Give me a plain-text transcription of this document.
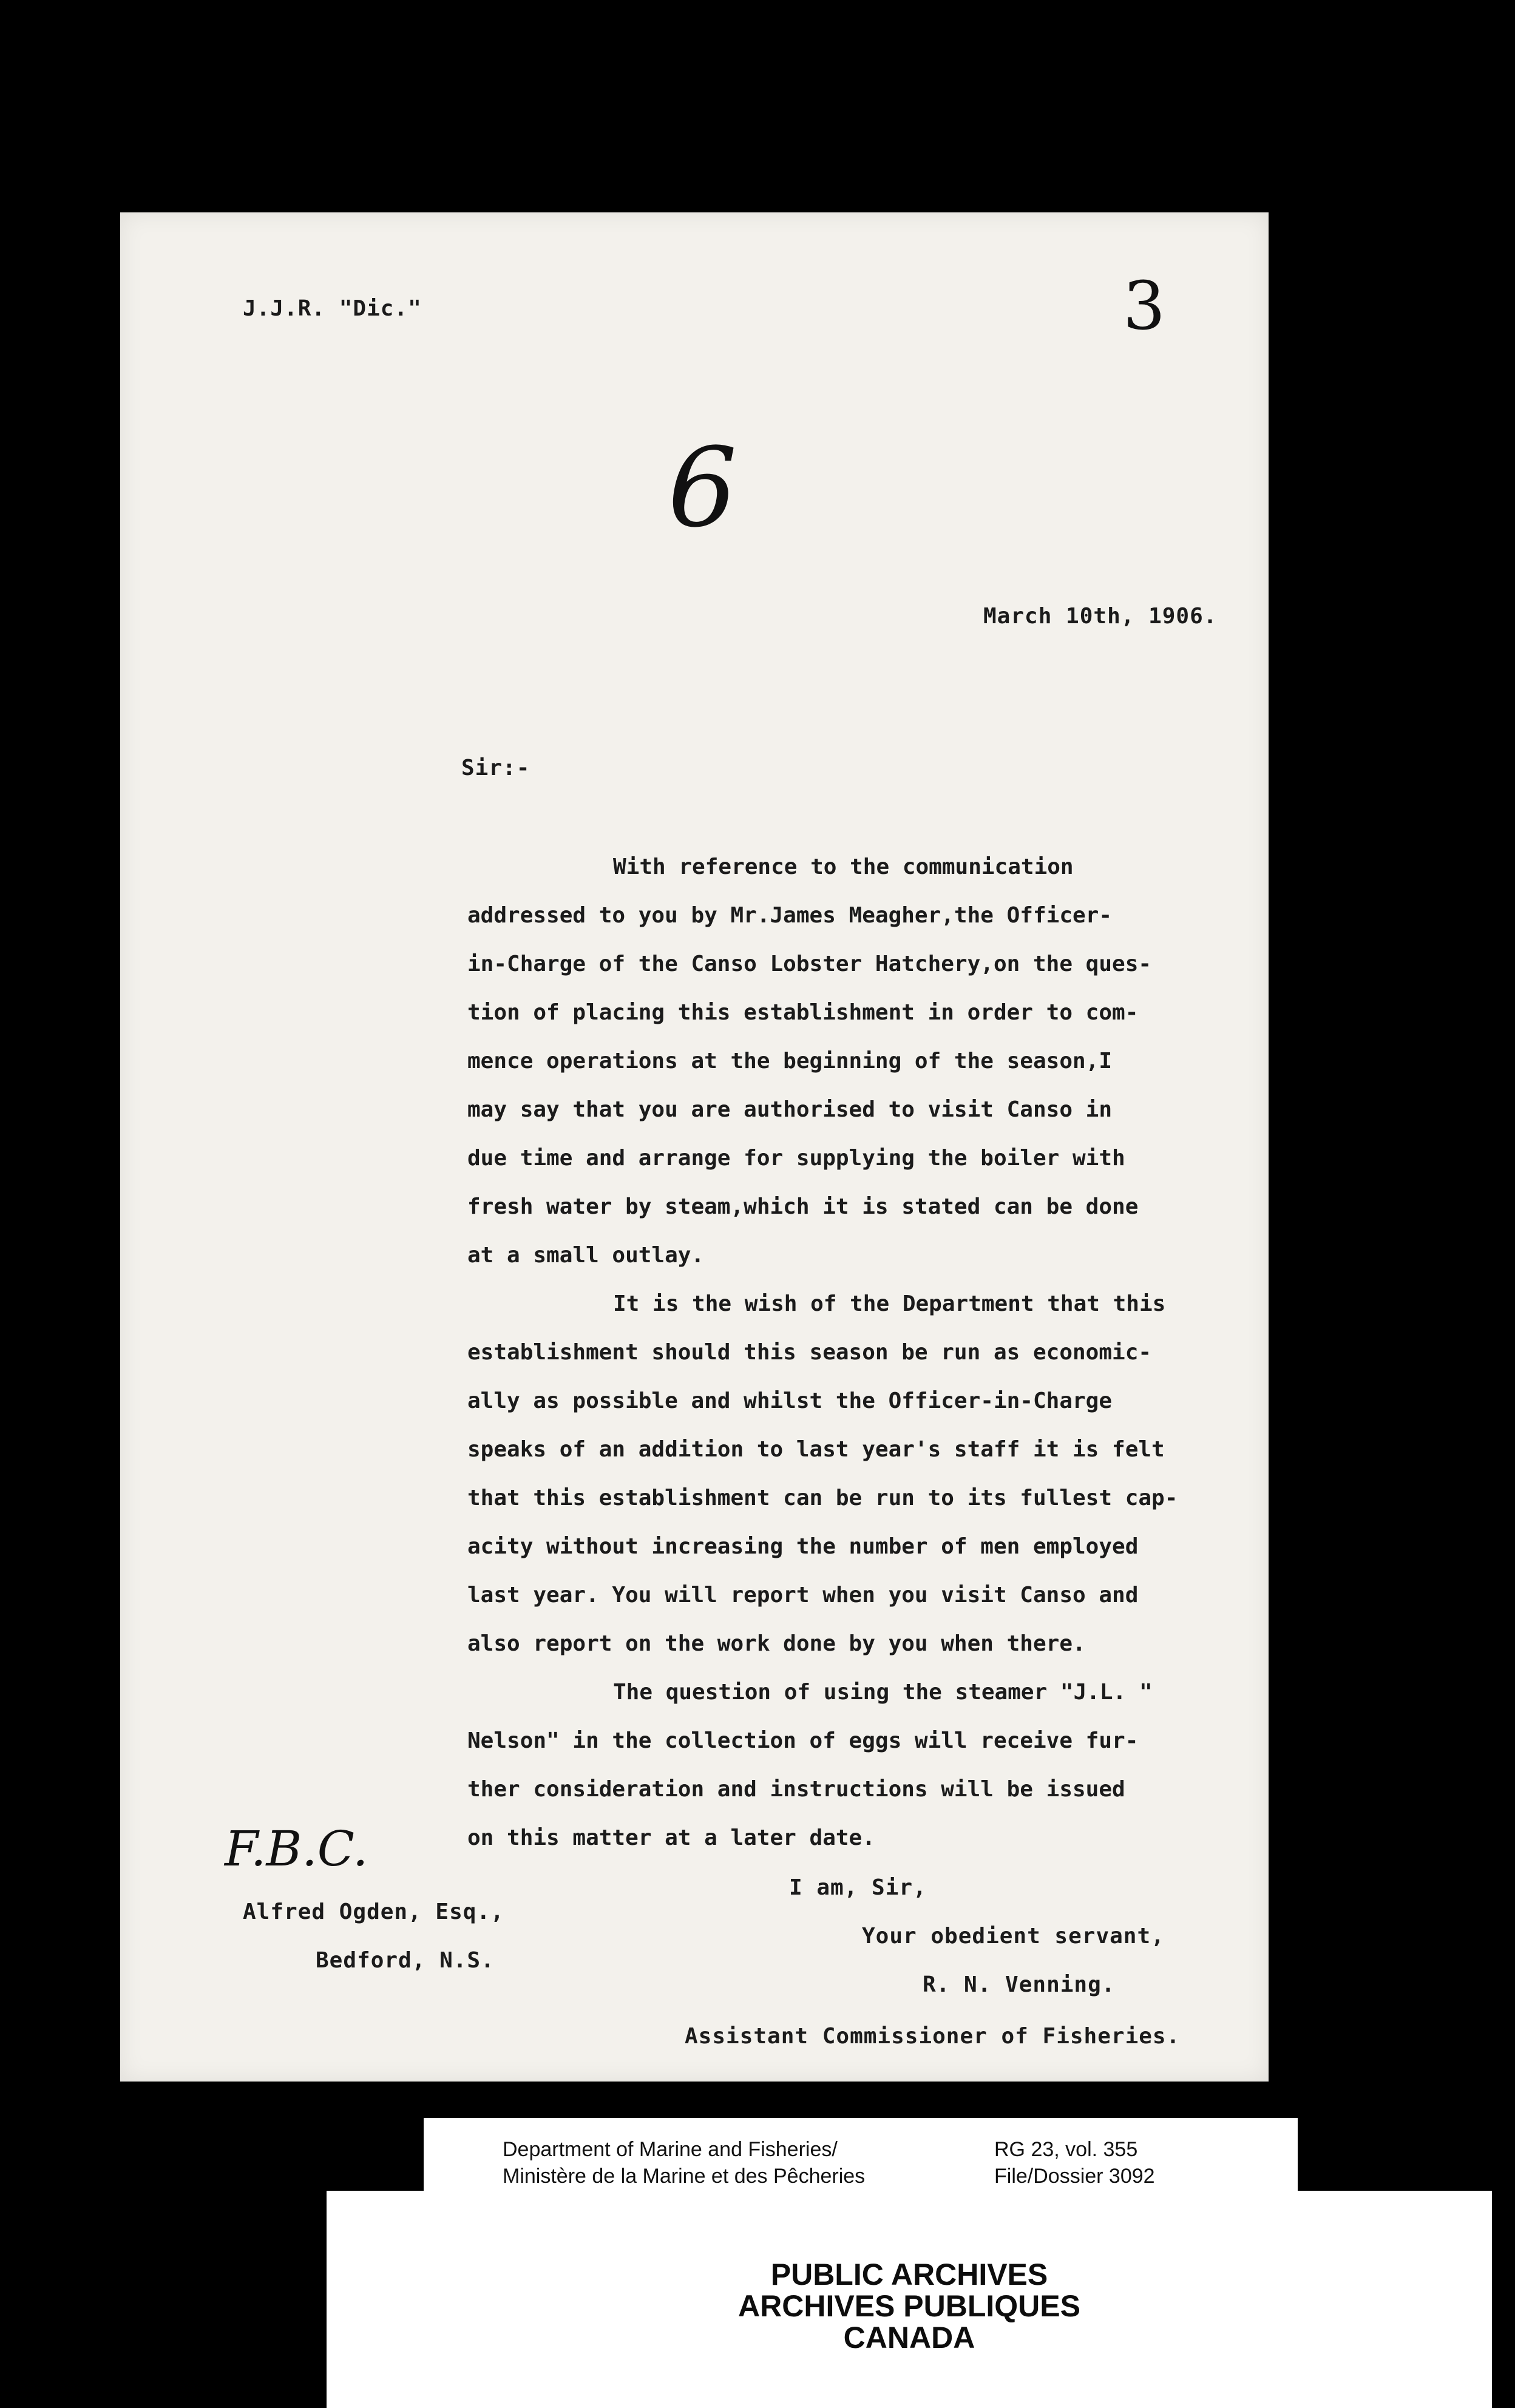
J.J.R. "Dic."	3
6
March 10th, 1906.
Sir:-
With reference to the communication
addressed to you by Mr.James Meagher,the Officer-
in-Charge of the Canso Lobster Hatchery,on the ques-
tion of placing this establishment in order to com-
mence operations at the beginning of the season,I
may say that you are authorised to visit Canso in
due time and arrange for supplying the boiler with
fresh water by steam,which it is stated can be done
at a small outlay.
It is the wish of the Department that this
establishment should this season be run as economic-
ally as possible and whilst the Officer-in-Charge
speaks of an addition to last year's staff it is felt
that this establishment can be run to its fullest cap-
acity without increasing the number of men employed
last year. You will report when you visit Canso and
also report on the work done by you when there.
The question of using the steamer "J.L. "
Nelson" in the collection of eggs will receive fur-
ther consideration and instructions will be issued
on this matter at a later date.
I am, Sir,
Your obedient servant,
R. N. Venning.
Assistant Commissioner of Fisheries.
F.B.C.
Alfred Ogden, Esq.,
Bedford, N.S.
Department of Marine and Fisheries/
Ministère de la Marine et des Pêcheries
RG 23, vol. 355
File/Dossier 3092
PUBLIC ARCHIVES
ARCHIVES PUBLIQUES
CANADA
